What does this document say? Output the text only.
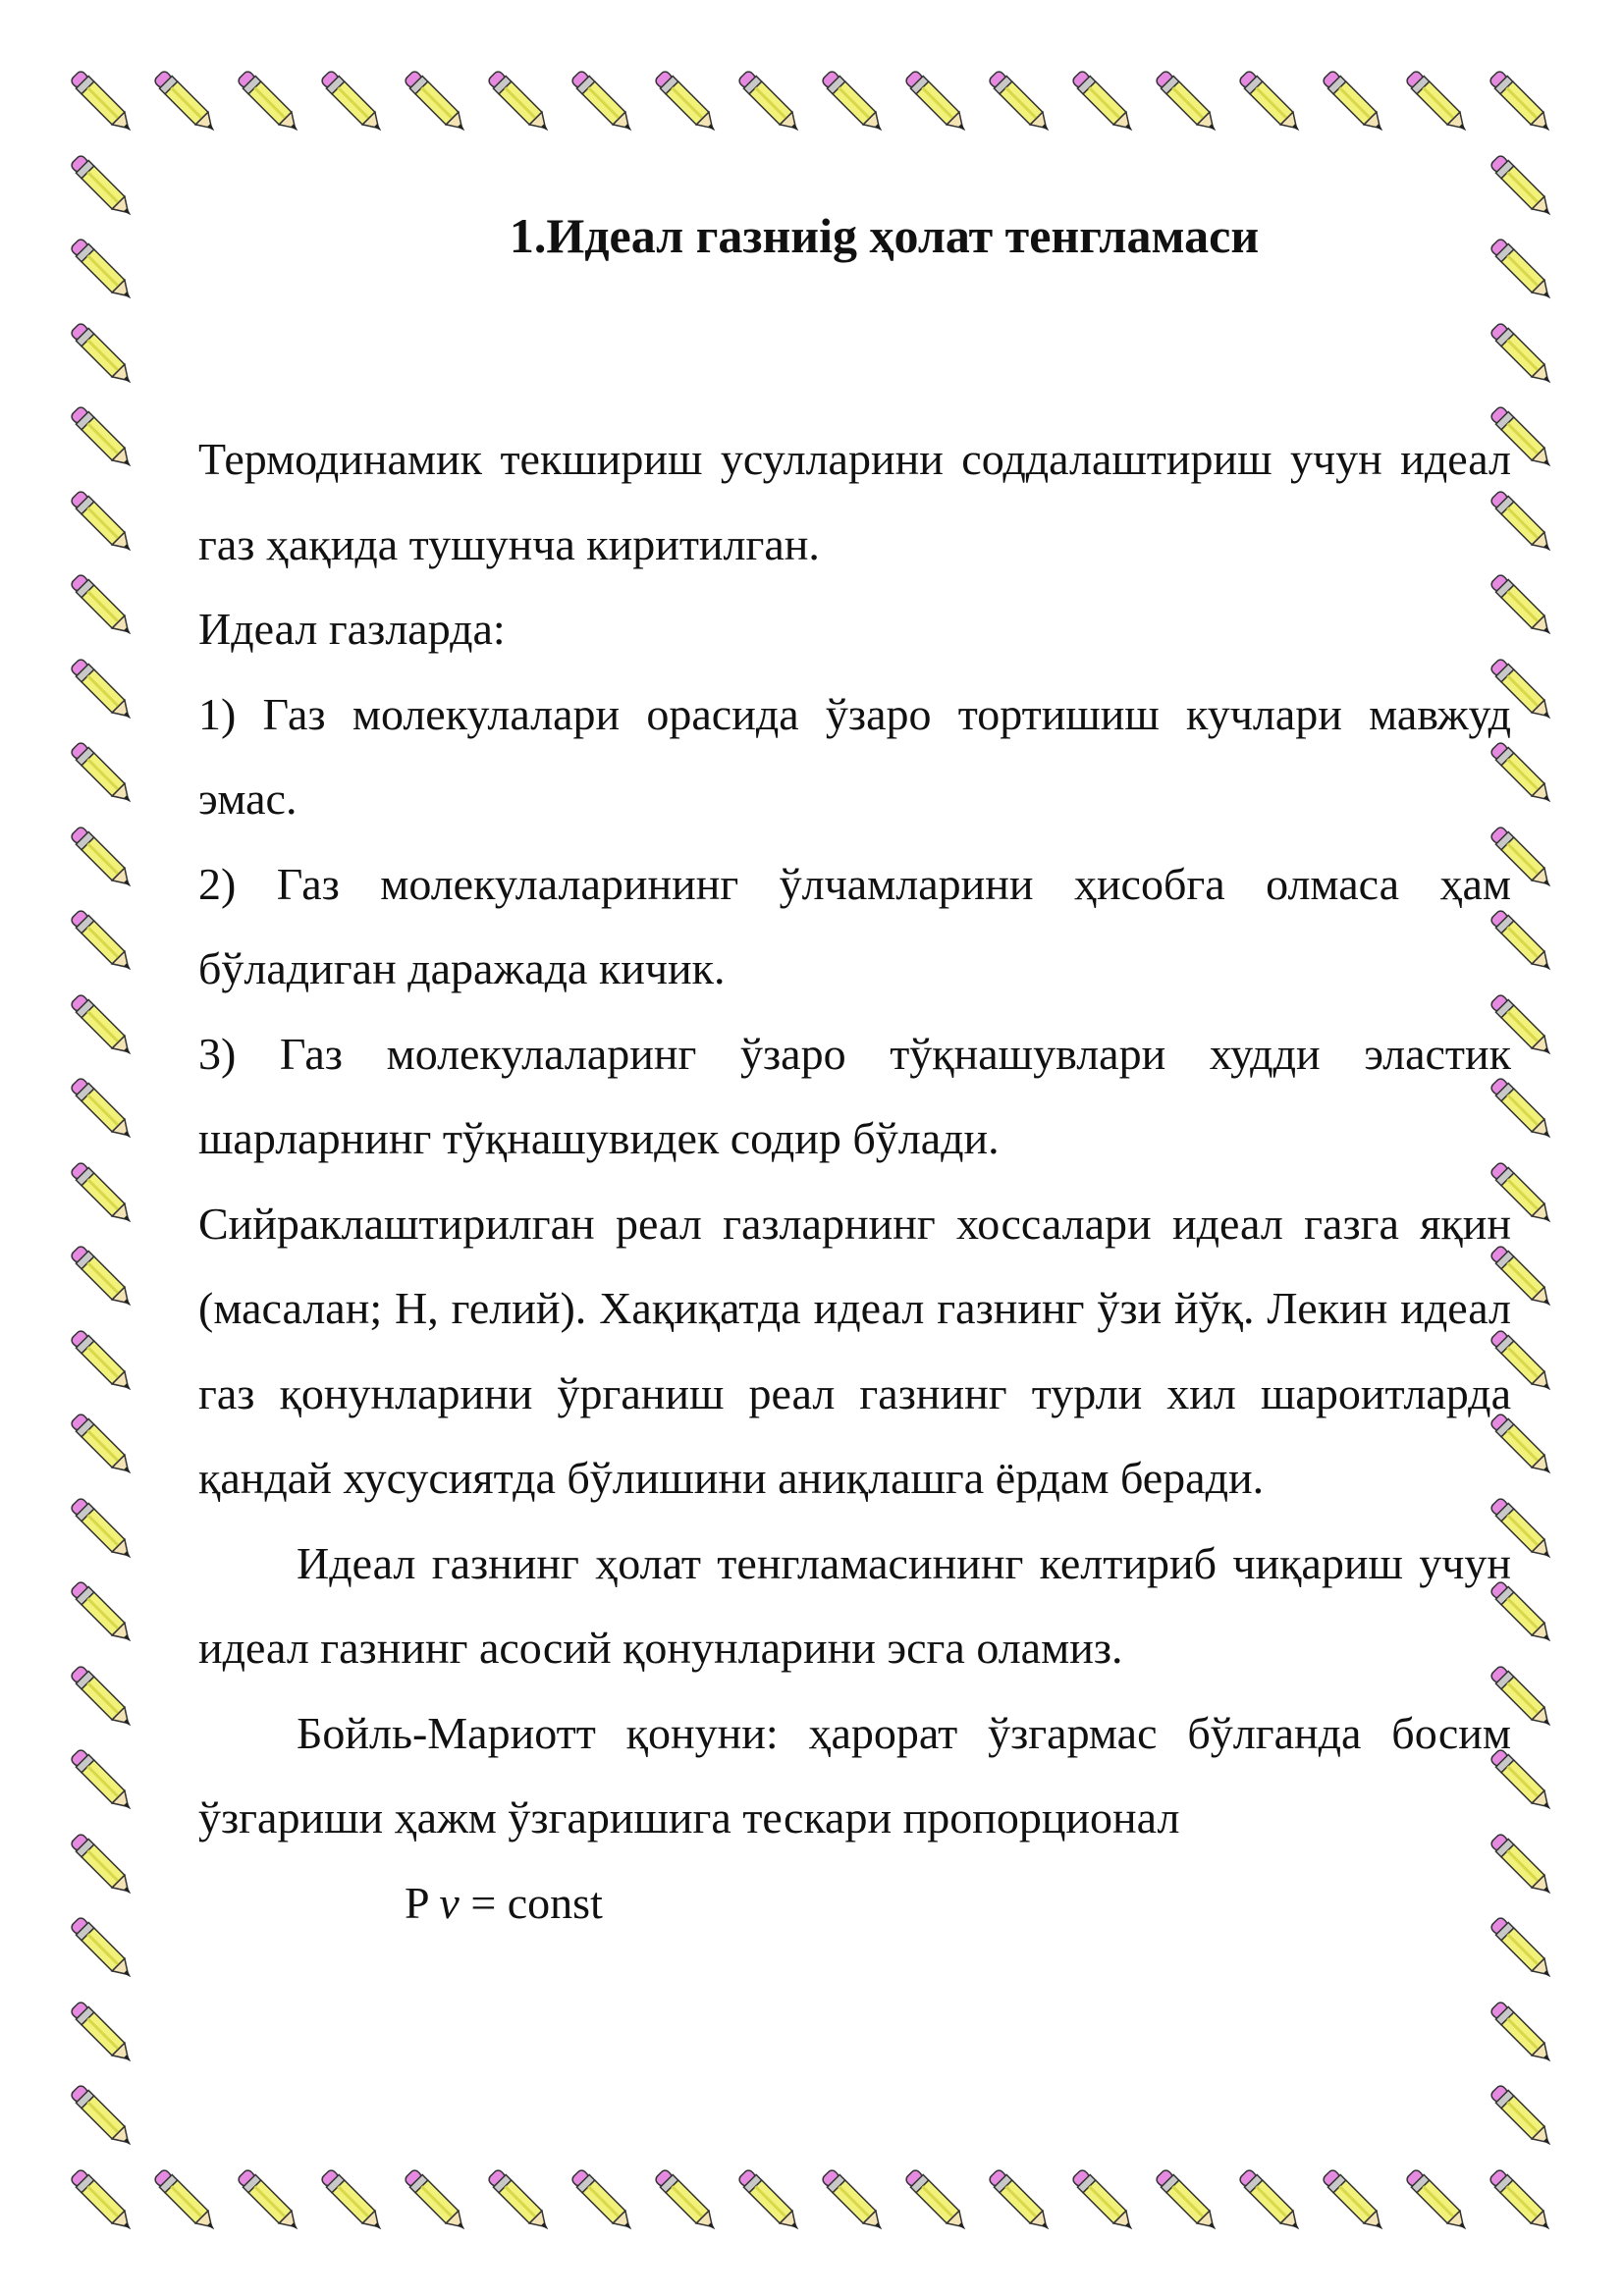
1.Идеал газниig ҳолат тенгламаси

Термодинамик текшириш усулларини соддалаштириш учун идеал газ ҳақида тушунча киритилган.

Идеал газларда:

1) Газ молекулалари орасида ўзаро тортишиш кучлари мавжуд эмас.

2) Газ молекулаларининг ўлчамларини ҳисобга олмаса ҳам бўладиган даражада кичик.

3) Газ молекулаларинг ўзаро тўқнашувлари худди эластик шарларнинг тўқнашувидек содир бўлади.

Сийраклаштирилган реал газларнинг хоссалари идеал газга яқин (масалан; Н, гелий). Хақиқатда идеал газнинг ўзи йўқ. Лекин идеал газ қонунларини ўрганиш реал газнинг турли хил шароитларда қандай хусусиятда бўлишини аниқлашга ёрдам беради.

Идеал газнинг ҳолат тенгламасининг келтириб чиқариш учун идеал газнинг асосий қонунларини эсга оламиз.

Бойль-Мариотт қонуни: ҳарорат ўзгармас бўлганда босим ўзгариши ҳажм ўзгаришига тескари пропорционал

P v = const
